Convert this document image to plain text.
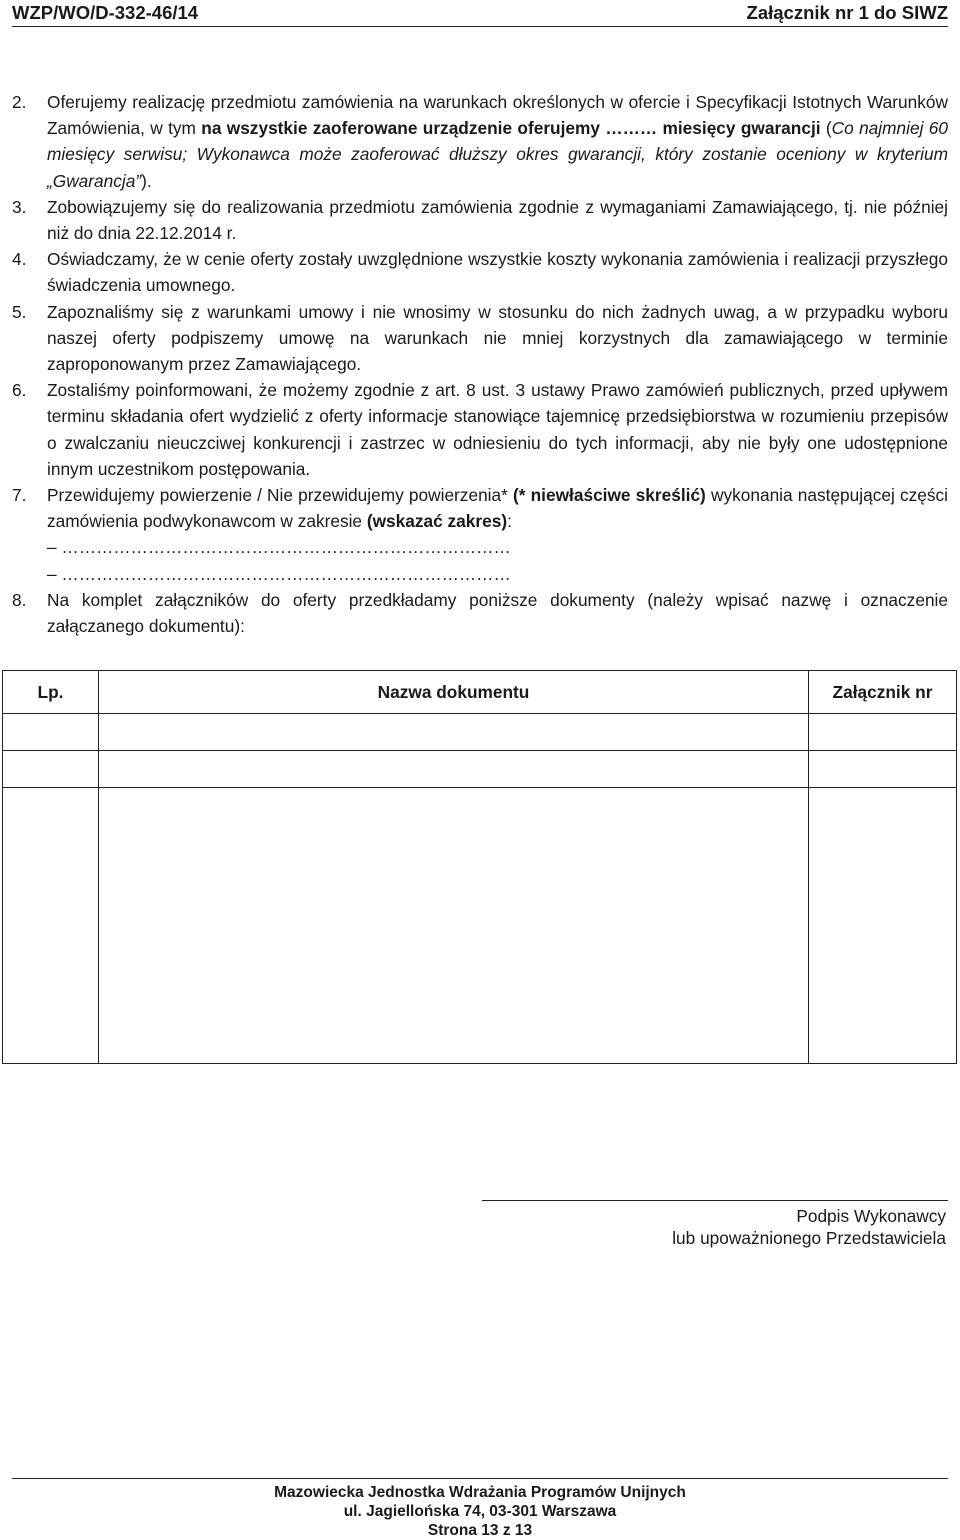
WZP/WO/D-332-46/14	Załącznik nr 1 do SIWZ
2. Oferujemy realizację przedmiotu zamówienia na warunkach określonych w ofercie i Specyfikacji Istotnych Warunków Zamówienia, w tym na wszystkie zaoferowane urządzenie oferujemy ……… miesięcy gwarancji (Co najmniej 60 miesięcy serwisu; Wykonawca może zaoferować dłuższy okres gwarancji, który zostanie oceniony w kryterium „Gwarancja”).

3. Zobowiązujemy się do realizowania przedmiotu zamówienia zgodnie z wymaganiami Zamawiającego, tj. nie później niż do dnia 22.12.2014 r.

4. Oświadczamy, że w cenie oferty zostały uwzględnione wszystkie koszty wykonania zamówienia i realizacji przyszłego świadczenia umownego.

5. Zapoznaliśmy się z warunkami umowy i nie wnosimy w stosunku do nich żadnych uwag, a w przypadku wyboru naszej oferty podpiszemy umowę na warunkach nie mniej korzystnych dla zamawiającego w terminie zaproponowanym przez Zamawiającego.

6. Zostaliśmy poinformowani, że możemy zgodnie z art. 8 ust. 3 ustawy Prawo zamówień publicznych, przed upływem terminu składania ofert wydzielić z oferty informacje stanowiące tajemnicę przedsiębiorstwa w rozumieniu przepisów o zwalczaniu nieuczciwej konkurencji i zastrzec w odniesieniu do tych informacji, aby nie były one udostępnione innym uczestnikom postępowania.

7. Przewidujemy powierzenie / Nie przewidujemy powierzenia* (* niewłaściwe skreślić) wykonania następującej części zamówienia podwykonawcom w zakresie (wskazać zakres):

– ……………………………………………………………………

– ……………………………………………………………………

8. Na komplet załączników do oferty przedkładamy poniższe dokumenty (należy wpisać nazwę i oznaczenie załączanego dokumentu):

Lp.	Nazwa dokumentu	Załącznik nr

Podpis Wykonawcy
lub upoważnionego Przedstawiciela
Mazowiecka Jednostka Wdrażania Programów Unijnych
ul. Jagiellońska 74, 03-301 Warszawa
Strona 13 z 13
